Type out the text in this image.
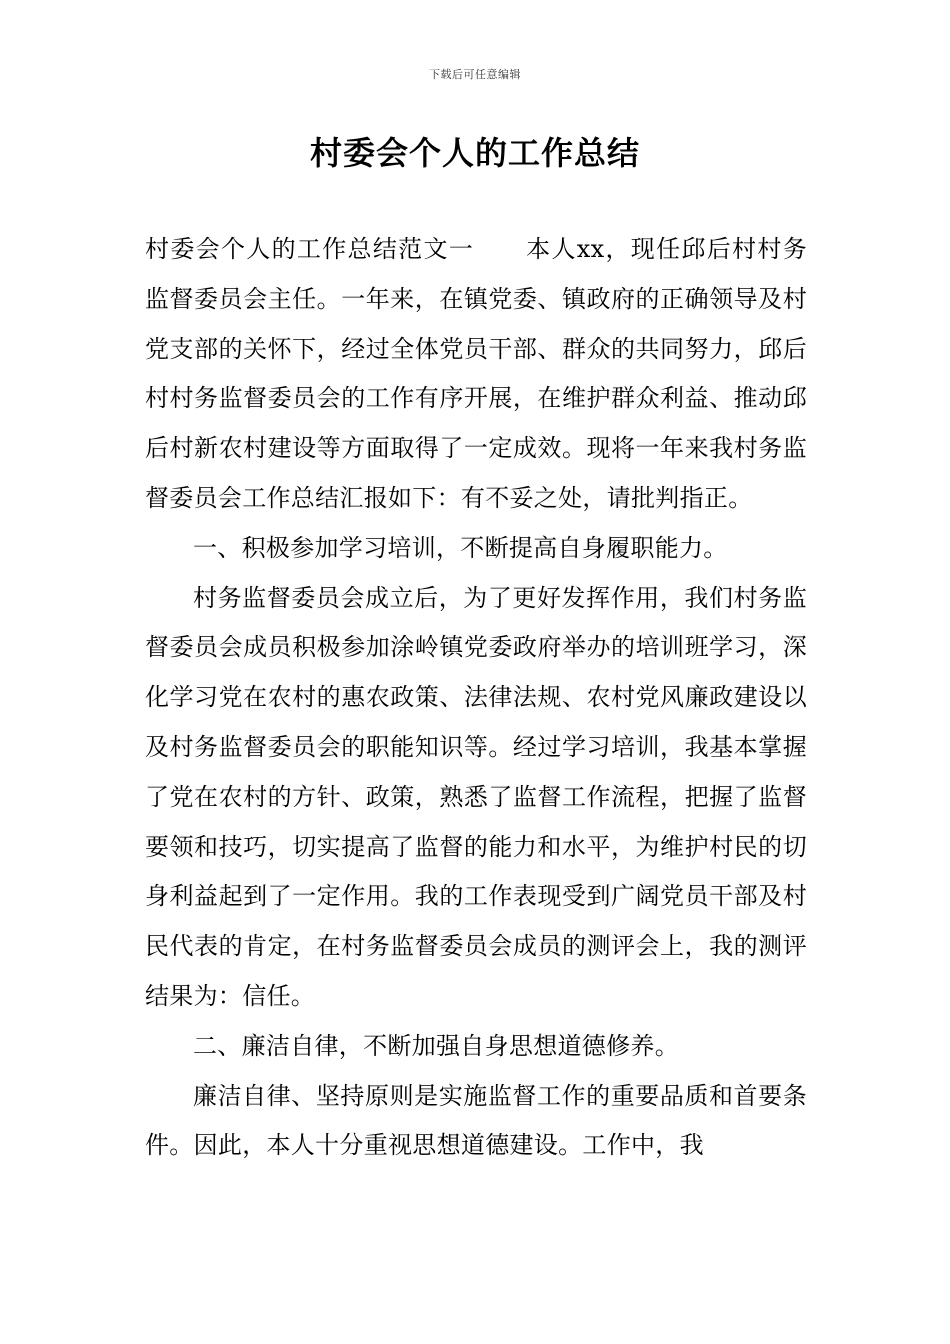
下载后可任意编辑
村委会个人的工作总结

村委会个人的工作总结范文一 本人xx，现任邱后村村务监督委员会主任。一年来，在镇党委、镇政府的正确领导及村党支部的关怀下，经过全体党员干部、群众的共同努力，邱后村村务监督委员会的工作有序开展，在维护群众利益、推动邱后村新农村建设等方面取得了一定成效。现将一年来我村务监督委员会工作总结汇报如下：有不妥之处，请批判指正。

一、积极参加学习培训，不断提高自身履职能力。

村务监督委员会成立后，为了更好发挥作用，我们村务监督委员会成员积极参加涂岭镇党委政府举办的培训班学习，深化学习党在农村的惠农政策、法律法规、农村党风廉政建设以及村务监督委员会的职能知识等。经过学习培训，我基本掌握了党在农村的方针、政策，熟悉了监督工作流程，把握了监督要领和技巧，切实提高了监督的能力和水平，为维护村民的切身利益起到了一定作用。我的工作表现受到广阔党员干部及村民代表的肯定，在村务监督委员会成员的测评会上，我的测评结果为：信任。

二、廉洁自律，不断加强自身思想道德修养。

廉洁自律、坚持原则是实施监督工作的重要品质和首要条件。因此，本人十分重视思想道德建设。工作中，我
